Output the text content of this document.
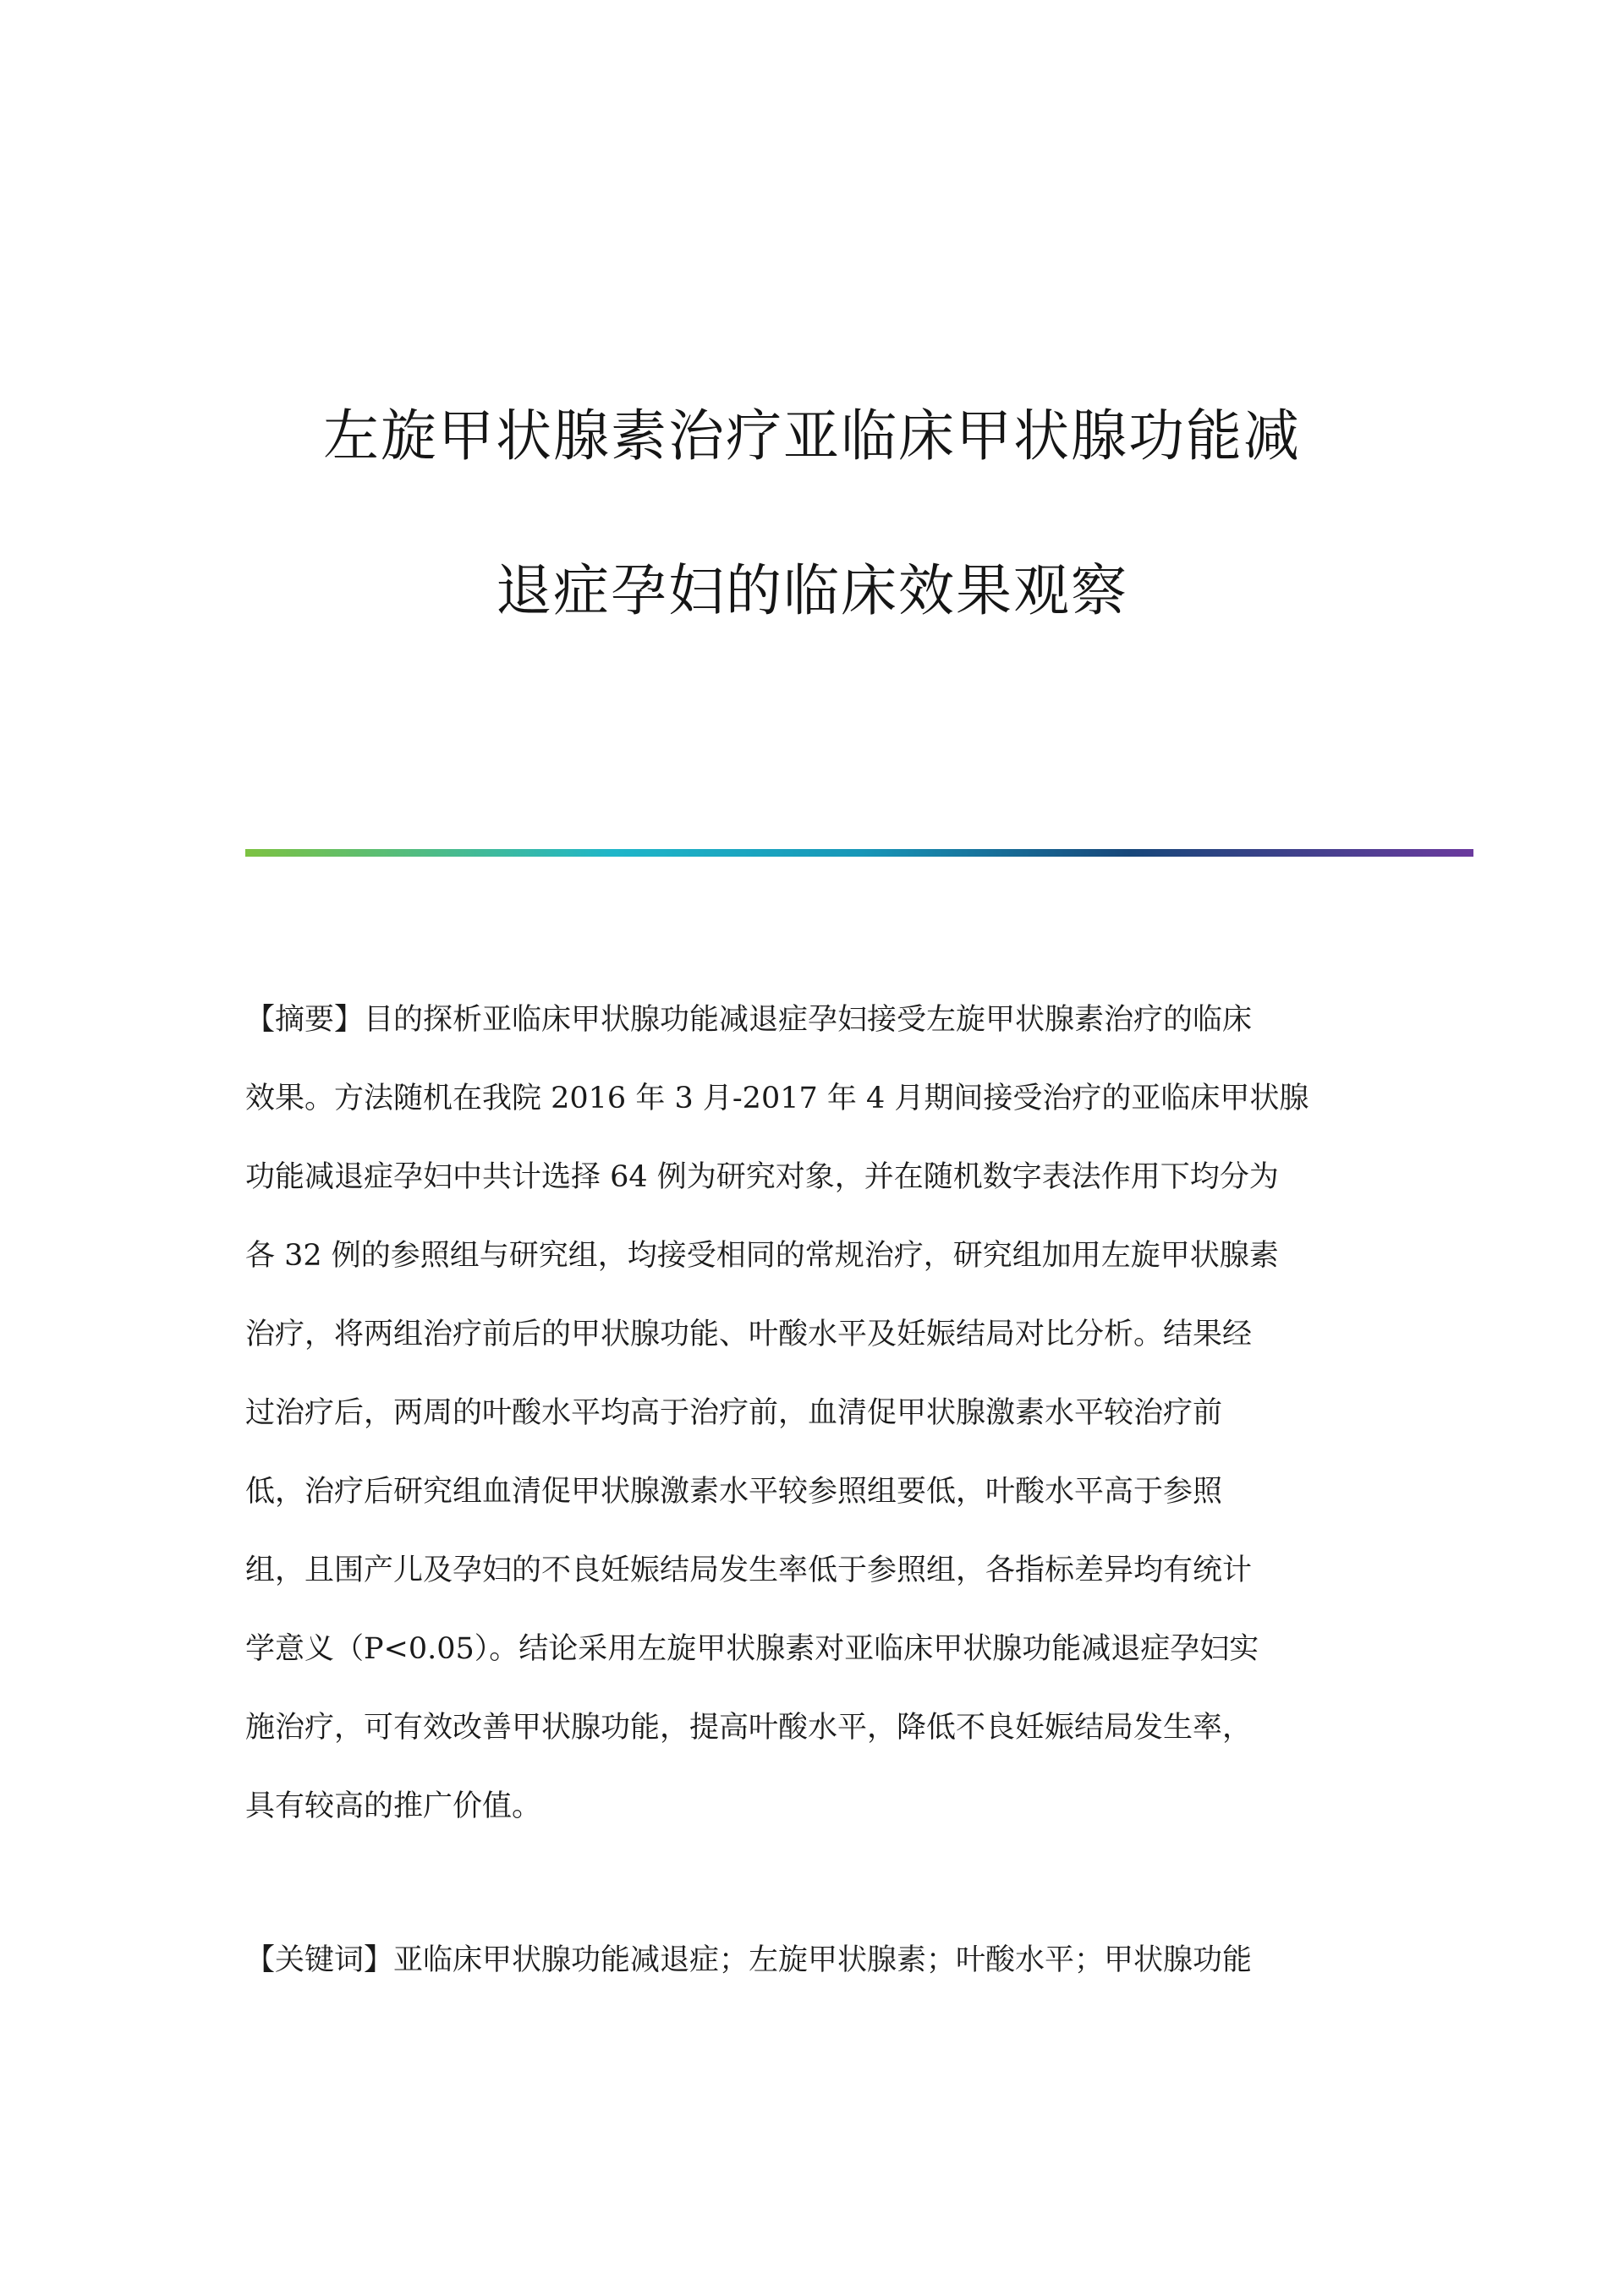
左旋甲状腺素治疗亚临床甲状腺功能减
退症孕妇的临床效果观察
【摘要】目的探析亚临床甲状腺功能减退症孕妇接受左旋甲状腺素治疗的临床
效果。方法随机在我院 2016 年 3 月-2017 年 4 月期间接受治疗的亚临床甲状腺
功能减退症孕妇中共计选择 64 例为研究对象，并在随机数字表法作用下均分为
各 32 例的参照组与研究组，均接受相同的常规治疗，研究组加用左旋甲状腺素
治疗，将两组治疗前后的甲状腺功能、叶酸水平及妊娠结局对比分析。结果经
过治疗后，两周的叶酸水平均高于治疗前，血清促甲状腺激素水平较治疗前
低，治疗后研究组血清促甲状腺激素水平较参照组要低，叶酸水平高于参照
组，且围产儿及孕妇的不良妊娠结局发生率低于参照组，各指标差异均有统计
学意义（P<0.05）。结论采用左旋甲状腺素对亚临床甲状腺功能减退症孕妇实
施治疗，可有效改善甲状腺功能，提高叶酸水平，降低不良妊娠结局发生率，
具有较高的推广价值。
【关键词】亚临床甲状腺功能减退症；左旋甲状腺素；叶酸水平；甲状腺功能
